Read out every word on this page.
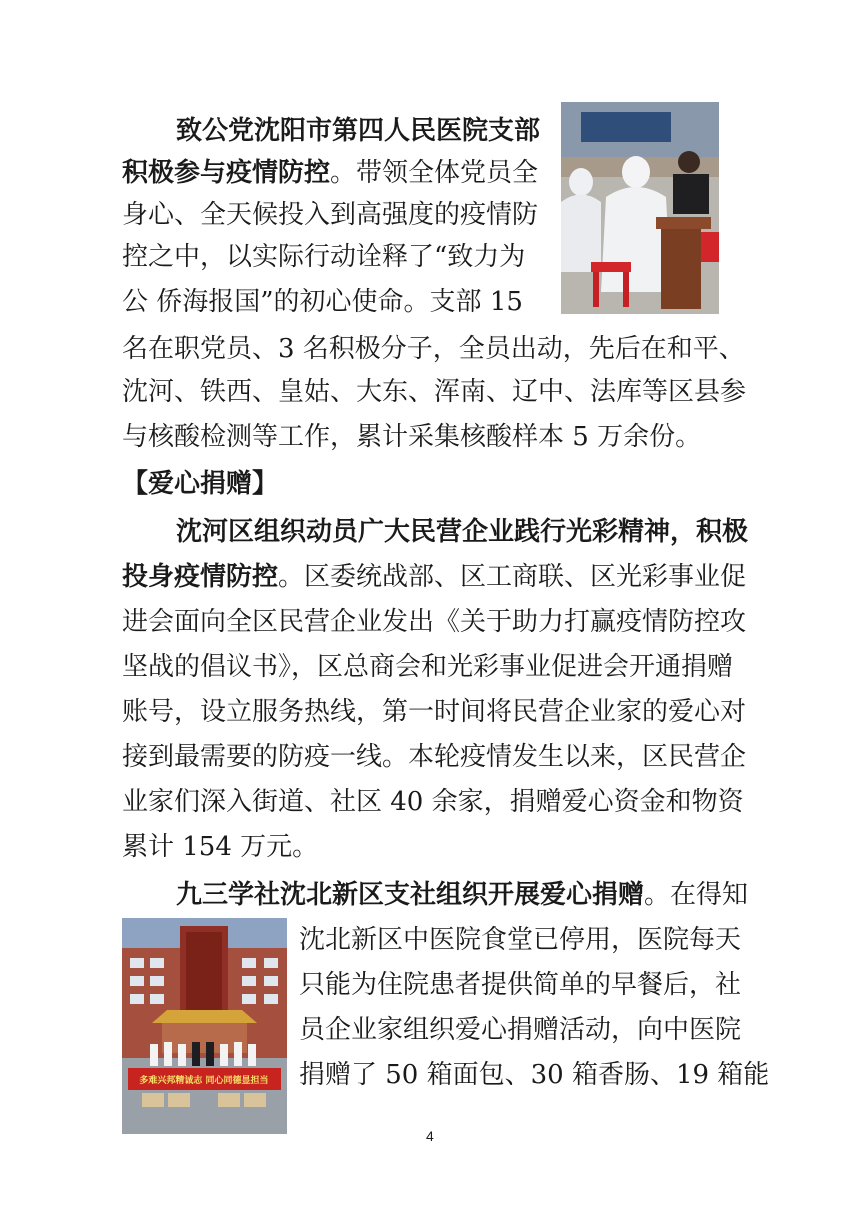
致公党沈阳市第四人民医院支部
积极参与疫情防控。带领全体党员全
身心、全天候投入到高强度的疫情防
控之中，以实际行动诠释了“致力为
公 侨海报国”的初心使命。支部 15
名在职党员、3 名积极分子，全员出动，先后在和平、
沈河、铁西、皇姑、大东、浑南、辽中、法库等区县参
与核酸检测等工作，累计采集核酸样本 5 万余份。
【爱心捐赠】
沈河区组织动员广大民营企业践行光彩精神，积极
投身疫情防控。区委统战部、区工商联、区光彩事业促
进会面向全区民营企业发出《关于助力打赢疫情防控攻
坚战的倡议书》，区总商会和光彩事业促进会开通捐赠
账号，设立服务热线，第一时间将民营企业家的爱心对
接到最需要的防疫一线。本轮疫情发生以来，区民营企
业家们深入街道、社区 40 余家，捐赠爱心资金和物资
累计 154 万元。
九三学社沈北新区支社组织开展爱心捐赠。在得知
沈北新区中医院食堂已停用，医院每天
只能为住院患者提供简单的早餐后，社
员企业家组织爱心捐赠活动，向中医院
捐赠了 50 箱面包、30 箱香肠、19 箱能
多难兴邦精诚志 同心同德显担当
4
